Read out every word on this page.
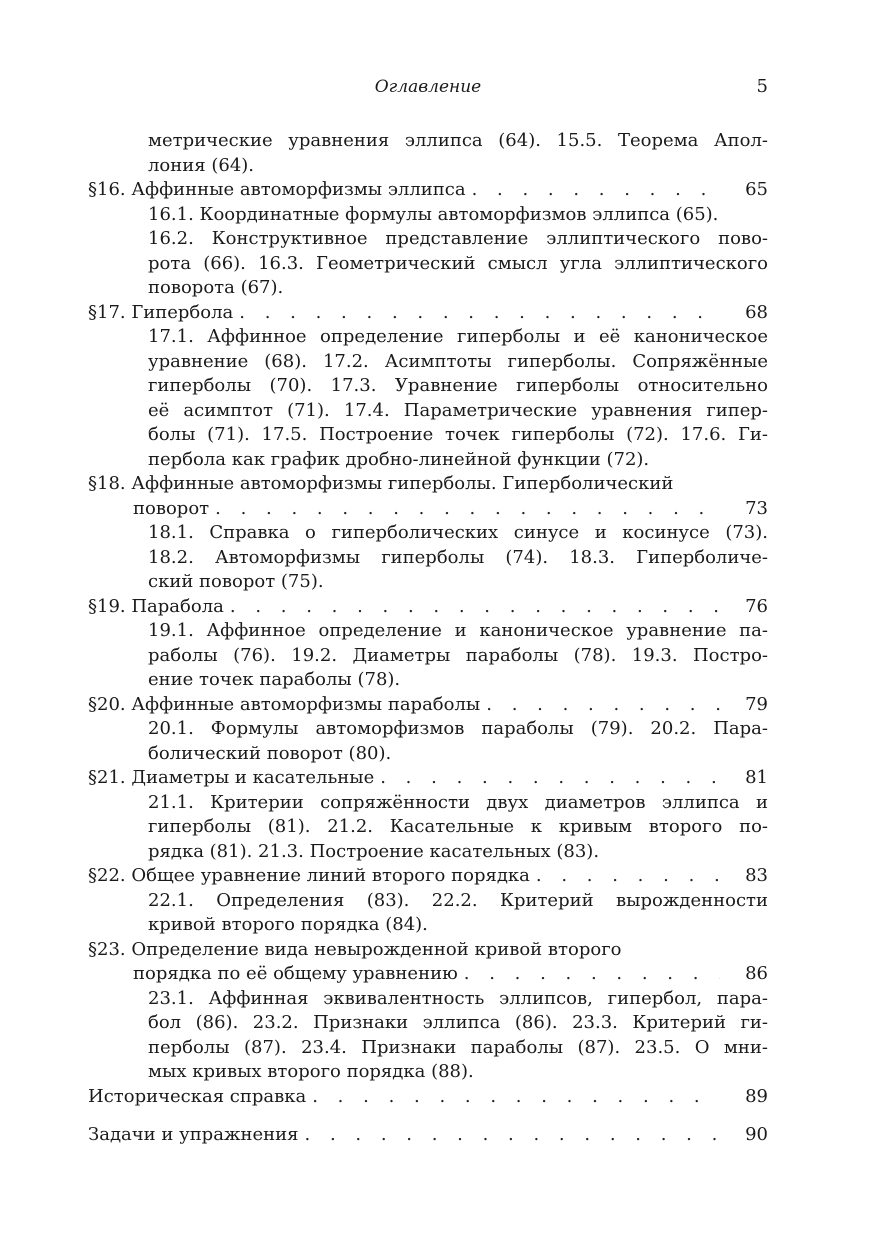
Оглавление	5
метрические уравнения эллипса (64). 15.5. Теорема Апол-
лония (64).
§16. Аффинные автоморфизмы эллипса . . .	65
16.1. Координатные формулы автоморфизмов эллипса (65).
16.2. Конструктивное представление эллиптического пово-
рота (66). 16.3. Геометрический смысл угла эллиптического
поворота (67).
§17. Гипербола . . .	68
17.1. Аффинное определение гиперболы и её каноническое
уравнение (68). 17.2. Асимптоты гиперболы. Сопряжённые
гиперболы (70). 17.3. Уравнение гиперболы относительно
её асимптот (71). 17.4. Параметрические уравнения гипер-
болы (71). 17.5. Построение точек гиперболы (72). 17.6. Ги-
пербола как график дробно-линейной функции (72).
§18. Аффинные автоморфизмы гиперболы. Гиперболический
поворот . . .	73
18.1. Справка о гиперболических синусе и косинусе (73).
18.2. Автоморфизмы гиперболы (74). 18.3. Гиперболиче-
ский поворот (75).
§19. Парабола . . .	76
19.1. Аффинное определение и каноническое уравнение па-
раболы (76). 19.2. Диаметры параболы (78). 19.3. Постро-
ение точек параболы (78).
§20. Аффинные автоморфизмы параболы . . .	79
20.1. Формулы автоморфизмов параболы (79). 20.2. Пара-
болический поворот (80).
§21. Диаметры и касательные . . .	81
21.1. Критерии сопряжённости двух диаметров эллипса и
гиперболы (81). 21.2. Касательные к кривым второго по-
рядка (81). 21.3. Построение касательных (83).
§22. Общее уравнение линий второго порядка . . .	83
22.1. Определения (83). 22.2. Критерий вырожденности
кривой второго порядка (84).
§23. Определение вида невырожденной кривой второго
порядка по её общему уравнению . . .	86
23.1. Аффинная эквивалентность эллипсов, гипербол, пара-
бол (86). 23.2. Признаки эллипса (86). 23.3. Критерий ги-
перболы (87). 23.4. Признаки параболы (87). 23.5. О мни-
мых кривых второго порядка (88).
Историческая справка . . .	89
Задачи и упражнения . . .	90
